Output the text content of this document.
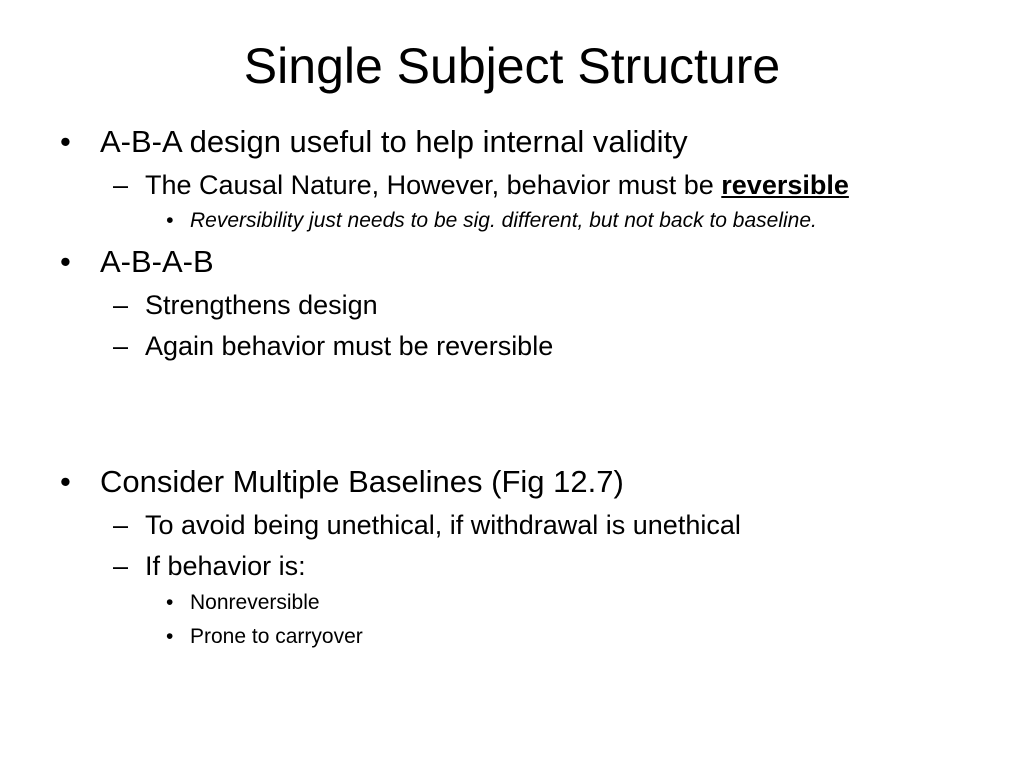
Single Subject Structure
• A-B-A design useful to help internal validity
– The Causal Nature, However, behavior must be reversible
• Reversibility just needs to be sig. different, but not back to baseline.
• A-B-A-B
– Strengthens design
– Again behavior must be reversible
• Consider Multiple Baselines (Fig 12.7)
– To avoid being unethical, if withdrawal is unethical
– If behavior is:
• Nonreversible
• Prone to carryover
